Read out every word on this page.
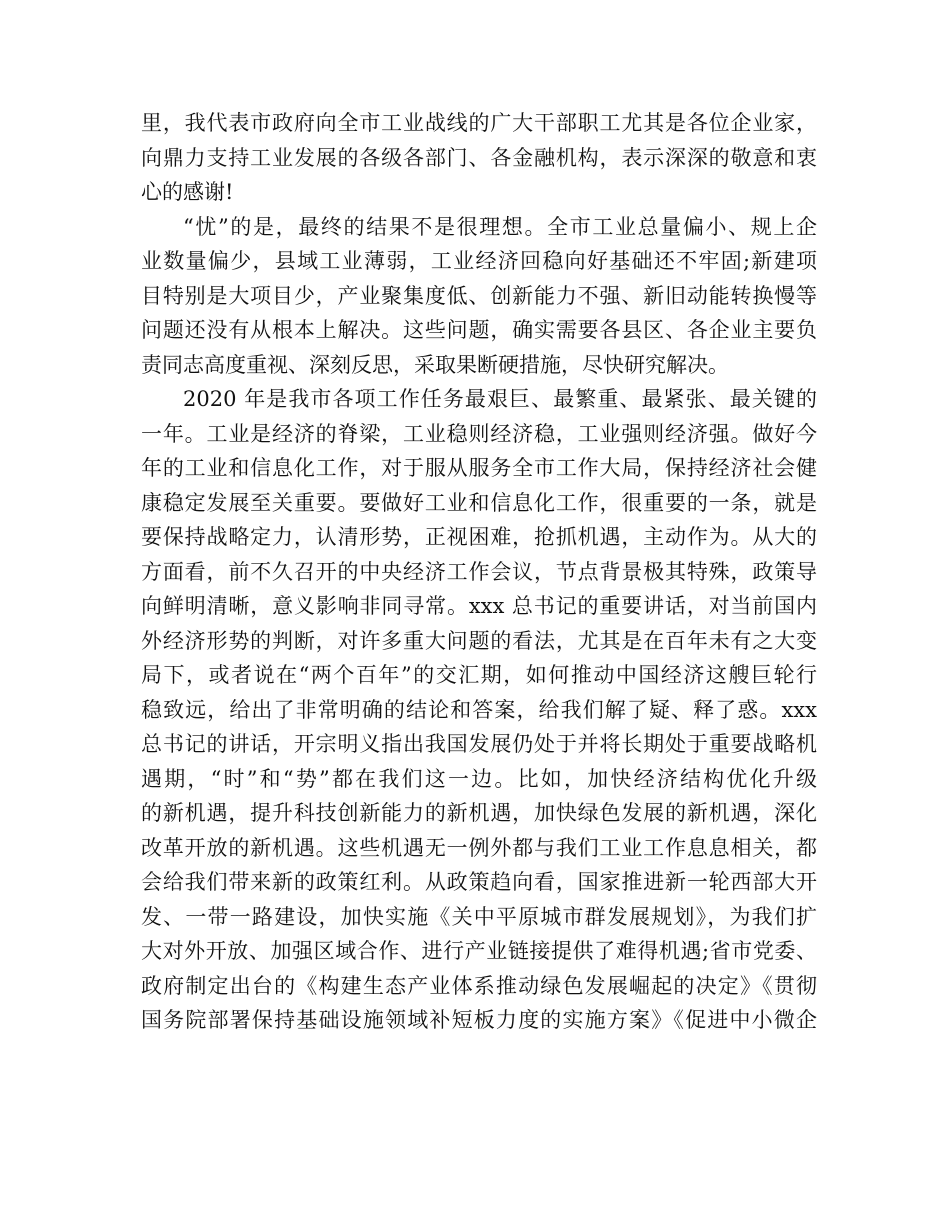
里，我代表市政府向全市工业战线的广大干部职工尤其是各位企业家，
向鼎力支持工业发展的各级各部门、各金融机构，表示深深的敬意和衷
心的感谢!
“忧”的是，最终的结果不是很理想。全市工业总量偏小、规上企
业数量偏少，县域工业薄弱，工业经济回稳向好基础还不牢固;新建项
目特别是大项目少，产业聚集度低、创新能力不强、新旧动能转换慢等
问题还没有从根本上解决。这些问题，确实需要各县区、各企业主要负
责同志高度重视、深刻反思，采取果断硬措施，尽快研究解决。
2020 年是我市各项工作任务最艰巨、最繁重、最紧张、最关键的
一年。工业是经济的脊梁，工业稳则经济稳，工业强则经济强。做好今
年的工业和信息化工作，对于服从服务全市工作大局，保持经济社会健
康稳定发展至关重要。要做好工业和信息化工作，很重要的一条，就是
要保持战略定力，认清形势，正视困难，抢抓机遇，主动作为。从大的
方面看，前不久召开的中央经济工作会议，节点背景极其特殊，政策导
向鲜明清晰，意义影响非同寻常。xxx 总书记的重要讲话，对当前国内
外经济形势的判断，对许多重大问题的看法，尤其是在百年未有之大变
局下，或者说在“两个百年”的交汇期，如何推动中国经济这艘巨轮行
稳致远，给出了非常明确的结论和答案，给我们解了疑、释了惑。xxx
总书记的讲话，开宗明义指出我国发展仍处于并将长期处于重要战略机
遇期，“时”和“势”都在我们这一边。比如，加快经济结构优化升级
的新机遇，提升科技创新能力的新机遇，加快绿色发展的新机遇，深化
改革开放的新机遇。这些机遇无一例外都与我们工业工作息息相关，都
会给我们带来新的政策红利。从政策趋向看，国家推进新一轮西部大开
发、一带一路建设，加快实施《关中平原城市群发展规划》，为我们扩
大对外开放、加强区域合作、进行产业链接提供了难得机遇;省市党委、
政府制定出台的《构建生态产业体系推动绿色发展崛起的决定》《贯彻
国务院部署保持基础设施领域补短板力度的实施方案》《促进中小微企
